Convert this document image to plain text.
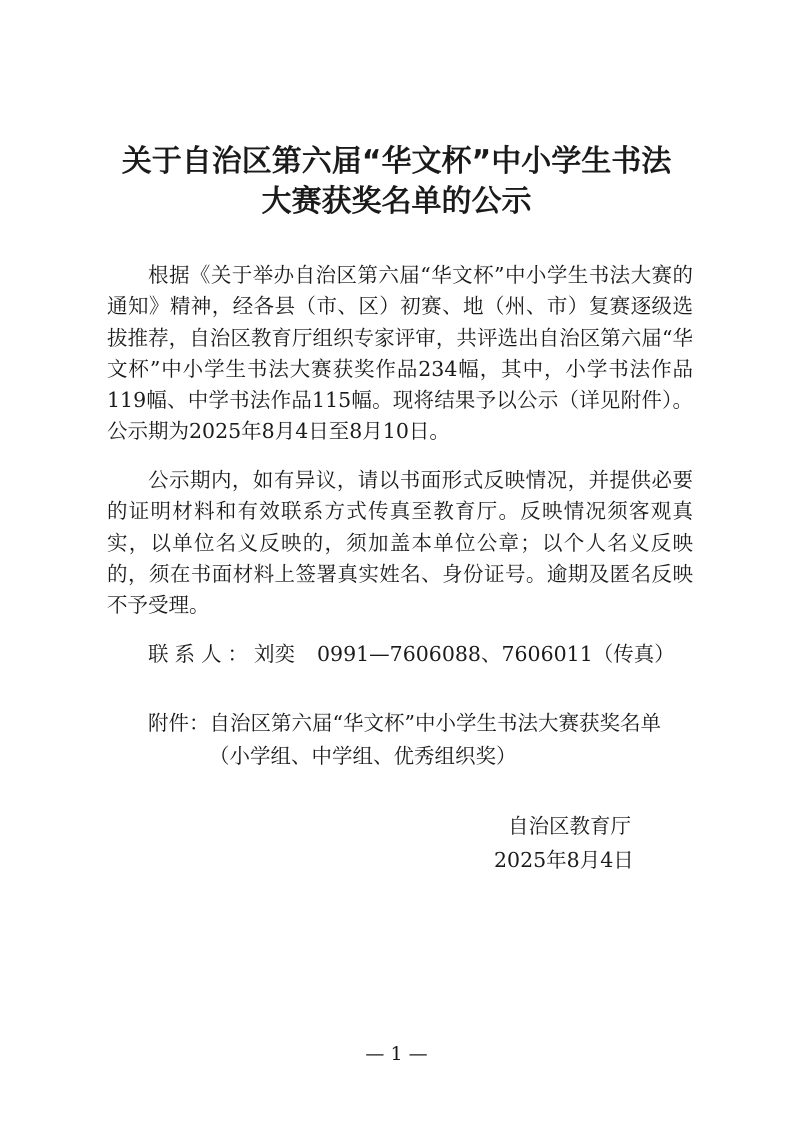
关于自治区第六届“华文杯”中小学生书法
大赛获奖名单的公示

根据《关于举办自治区第六届“华文杯”中小学生书法大赛的通知》精神，经各县（市、区）初赛、地（州、市）复赛逐级选拔推荐，自治区教育厅组织专家评审，共评选出自治区第六届“华文杯”中小学生书法大赛获奖作品234幅，其中，小学书法作品119幅、中学书法作品115幅。现将结果予以公示（详见附件）。公示期为2025年8月4日至8月10日。

公示期内，如有异议，请以书面形式反映情况，并提供必要的证明材料和有效联系方式传真至教育厅。反映情况须客观真实，以单位名义反映的，须加盖本单位公章；以个人名义反映的，须在书面材料上签署真实姓名、身份证号。逾期及匿名反映不予受理。

联系人：刘奕 0991—7606088、7606011（传真）

附件：自治区第六届“华文杯”中小学生书法大赛获奖名单

（小学组、中学组、优秀组织奖）

自治区教育厅

2025年8月4日

— 1 —
